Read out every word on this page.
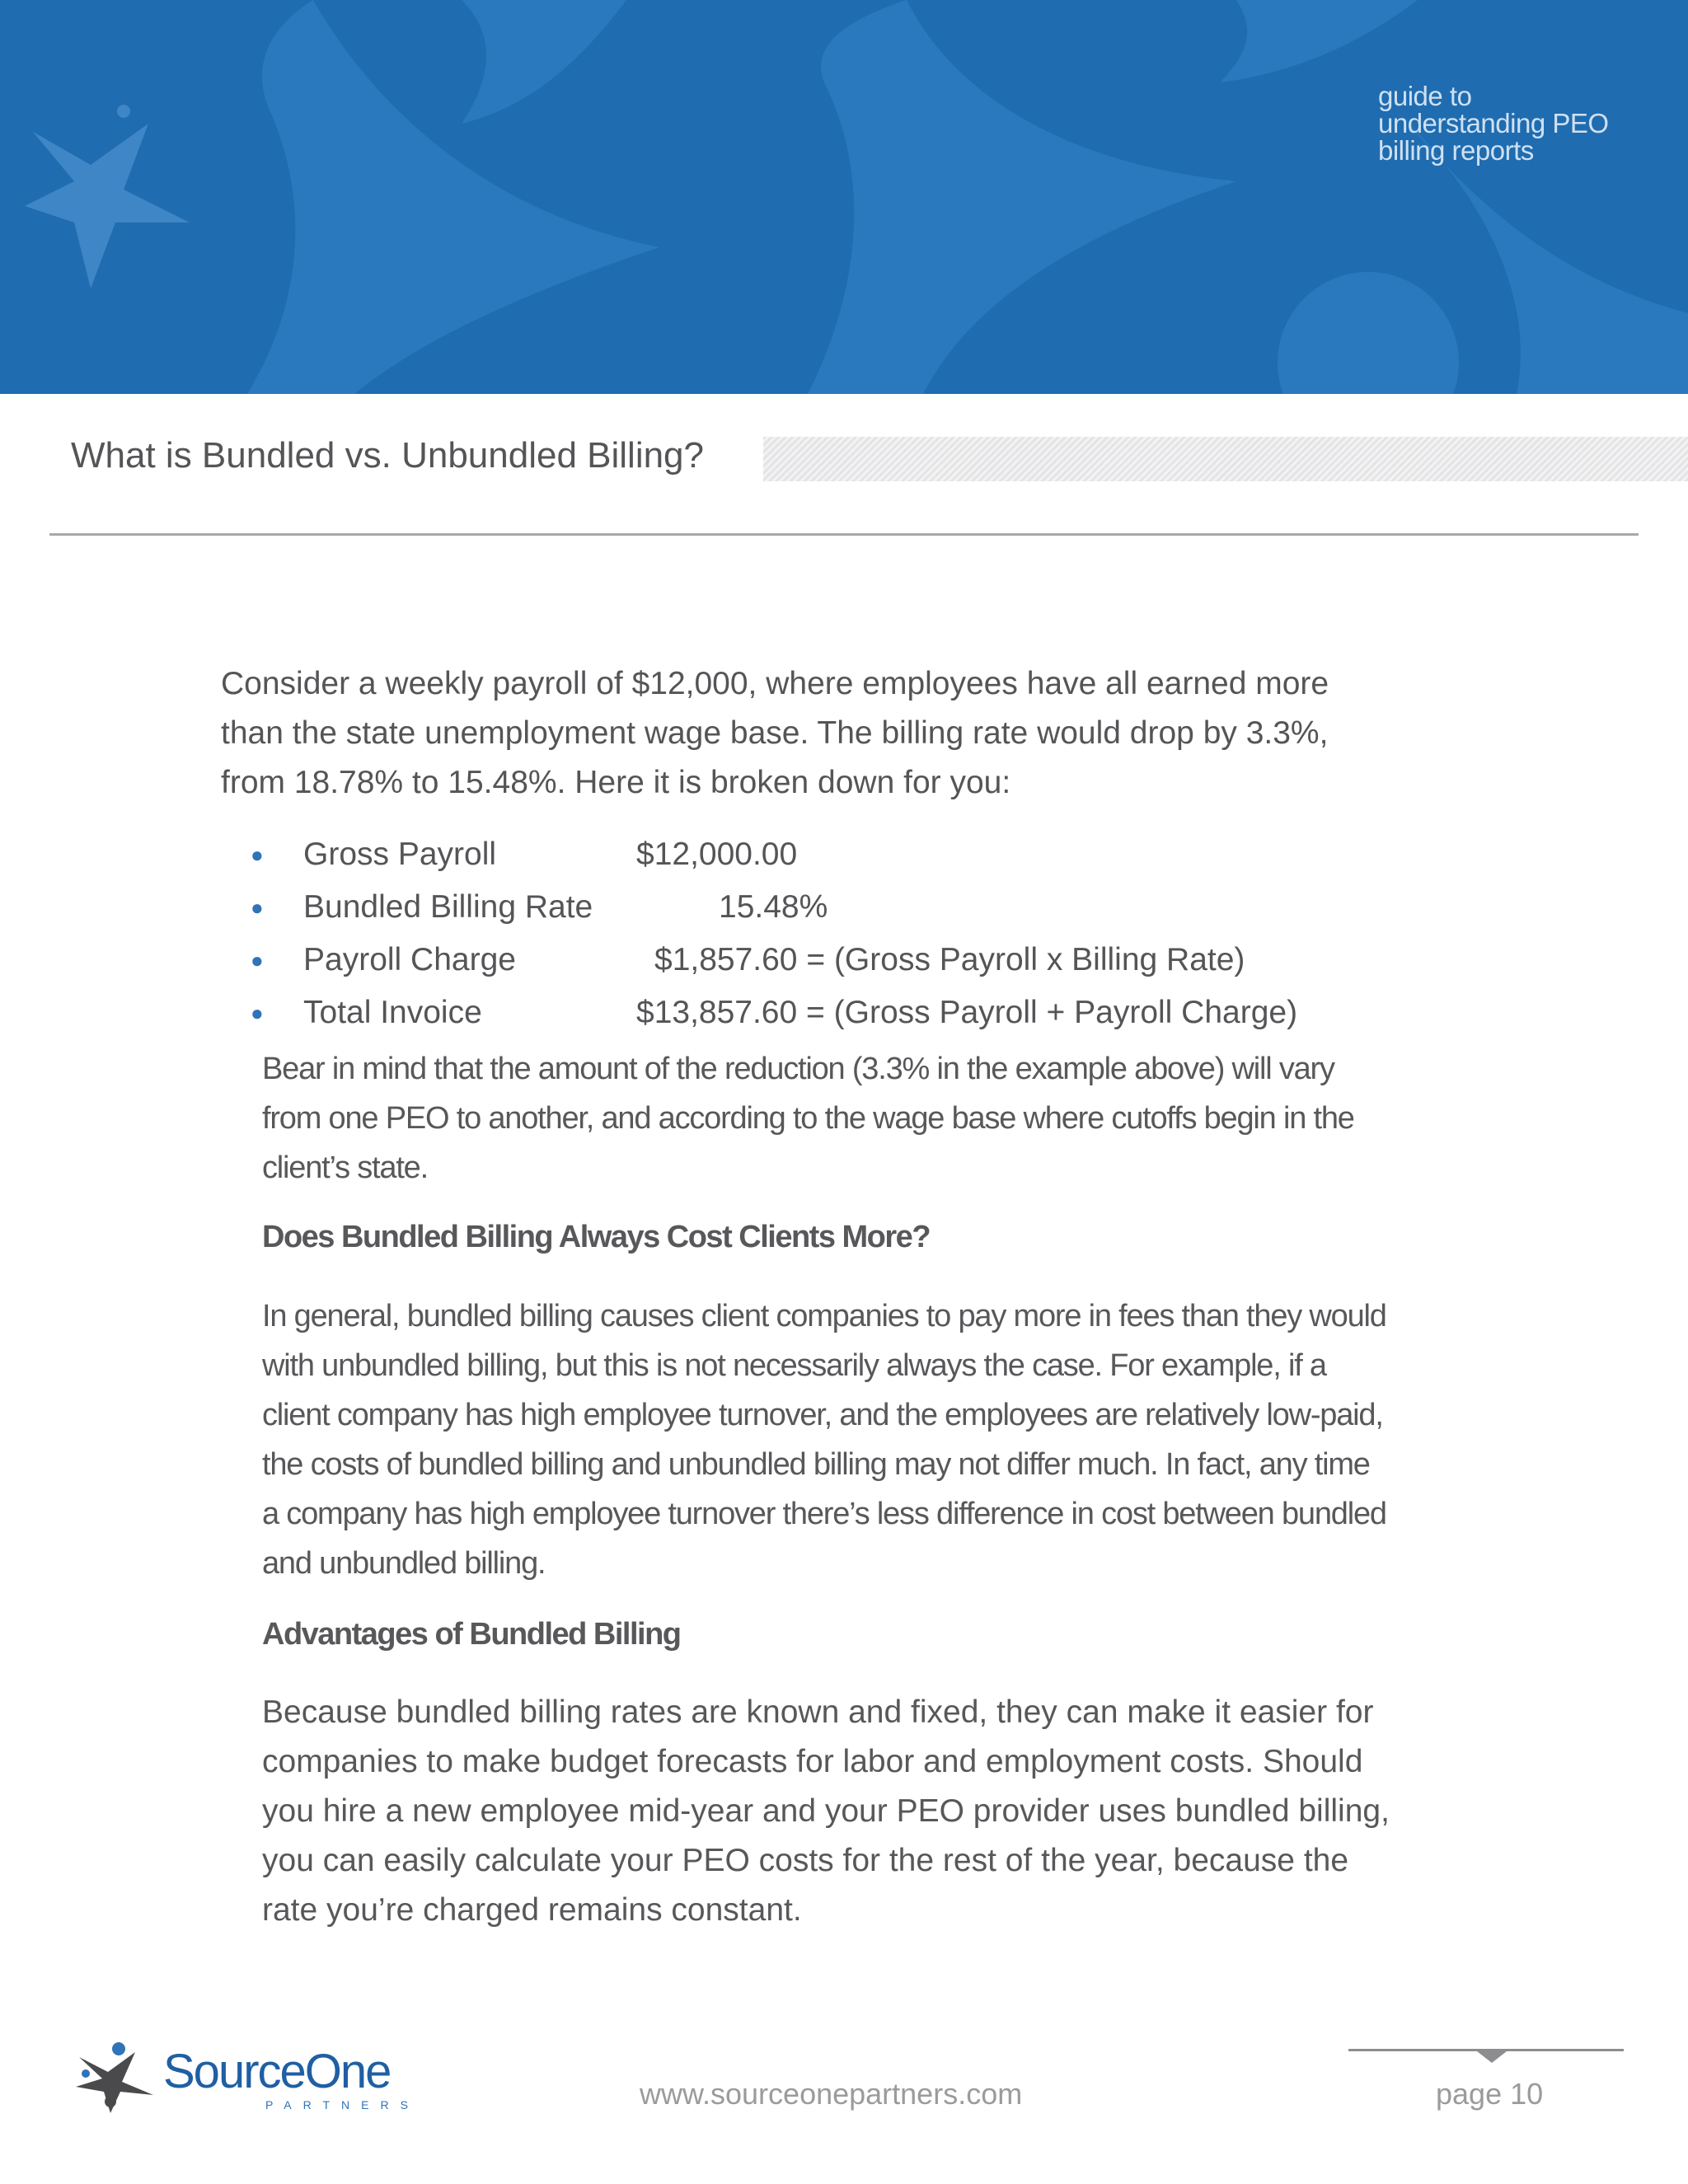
guide to
understanding PEO
billing reports
What is Bundled vs. Unbundled Billing?

Consider a weekly payroll of $12,000, where employees have all earned more than the state unemployment wage base. The billing rate would drop by 3.3%, from 18.78% to 15.48%. Here it is broken down for you:

● Gross Payroll	$12,000.00
● Bundled Billing Rate	15.48%
● Payroll Charge	$1,857.60 = (Gross Payroll x Billing Rate)
● Total Invoice	$13,857.60 = (Gross Payroll + Payroll Charge)

Bear in mind that the amount of the reduction (3.3% in the example above) will vary from one PEO to another, and according to the wage base where cutoffs begin in the client’s state.

Does Bundled Billing Always Cost Clients More?

In general, bundled billing causes client companies to pay more in fees than they would with unbundled billing, but this is not necessarily always the case. For example, if a client company has high employee turnover, and the employees are relatively low-paid, the costs of bundled billing and unbundled billing may not differ much. In fact, any time a company has high employee turnover there’s less difference in cost between bundled and unbundled billing.

Advantages of Bundled Billing

Because bundled billing rates are known and fixed, they can make it easier for companies to make budget forecasts for labor and employment costs. Should you hire a new employee mid-year and your PEO provider uses bundled billing, you can easily calculate your PEO costs for the rest of the year, because the rate you’re charged remains constant.

SourceOne
PARTNERS	www.sourceonepartners.com	page 10
